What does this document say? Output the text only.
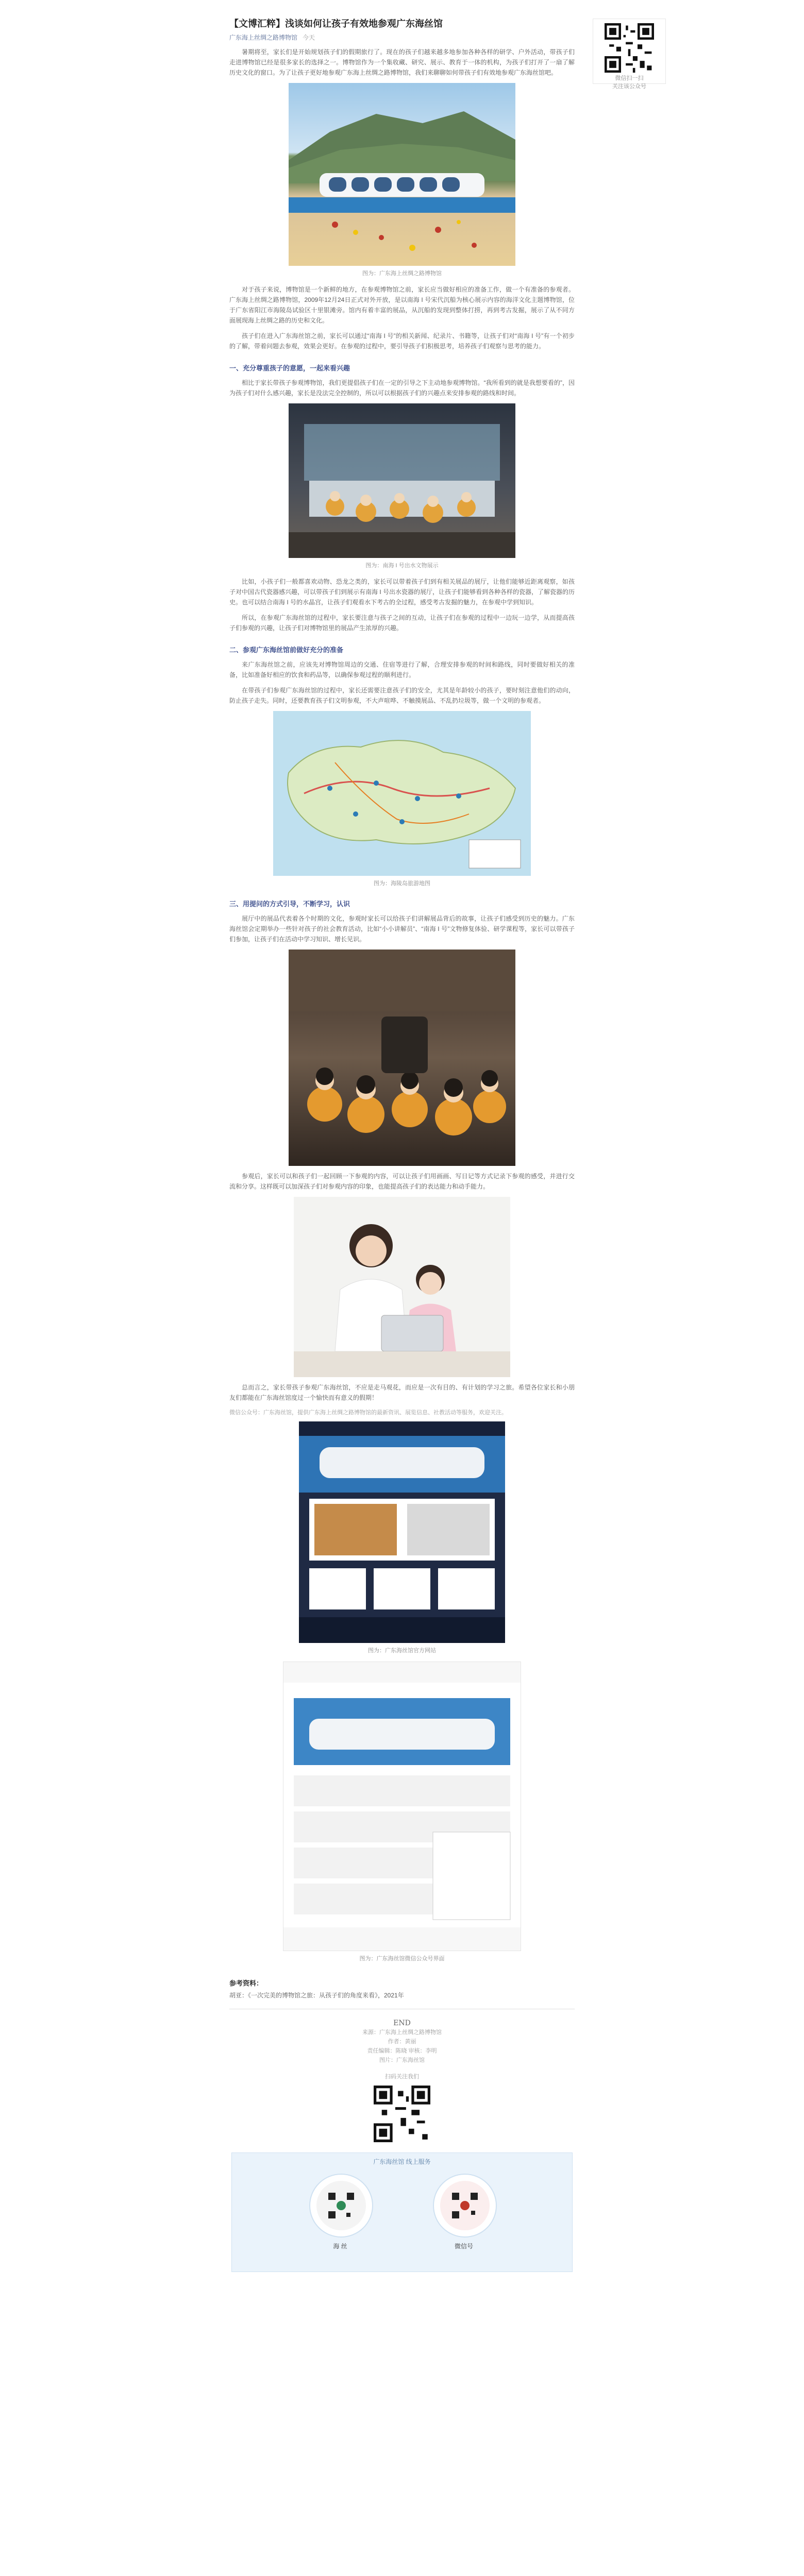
微信扫一扫
关注该公众号
【文博汇粹】浅谈如何让孩子有效地参观广东海丝馆
广东海上丝绸之路博物馆 今天

暑期将至，家长们是开始规划孩子们的假期旅行了。现在的孩子们越来越多地参加各种各样的研学、户外活动，带孩子们走进博物馆已经是很多家长的选择之一。博物馆作为一个集收藏、研究、展示、教育于一体的机构，为孩子们打开了一扇了解历史文化的窗口。为了让孩子更好地参观广东海上丝绸之路博物馆，我们来聊聊如何带孩子们有效地参观广东海丝馆吧。

图为：广东海上丝绸之路博物馆

对于孩子来说，博物馆是一个新鲜的地方，在参观博物馆之前，家长应当做好相应的准备工作，做一个有准备的参观者。广东海上丝绸之路博物馆，2009年12月24日正式对外开放，是以南海 I 号宋代沉船为核心展示内容的海洋文化主题博物馆，位于广东省阳江市海陵岛试验区十里银滩旁。馆内有着丰富的展品，从沉船的发现到整体打捞，再到考古发掘，展示了从不同方面展现海上丝绸之路的历史和文化。

孩子们在进入广东海丝馆之前，家长可以通过“南海 I 号”的相关新闻、纪录片、书籍等，让孩子们对“南海 I 号”有一个初步的了解，带着问题去参观，效果会更好。在参观的过程中，要引导孩子们积极思考，培养孩子们观察与思考的能力。

一、充分尊重孩子的意愿，一起来看兴趣

相比于家长带孩子参观博物馆，我们更提倡孩子们在一定的引导之下主动地参观博物馆。“我所看到的就是我想要看的”，因为孩子们对什么感兴趣，家长是没法完全控制的，所以可以根据孩子们的兴趣点来安排参观的路线和时间。

图为：南海 I 号出水文物展示

比如，小孩子们一般都喜欢动物、恐龙之类的，家长可以带着孩子们到有相关展品的展厅，让他们能够近距离观察，如孩子对中国古代瓷器感兴趣，可以带孩子们到展示有南海 I 号出水瓷器的展厅，让孩子们能够看到各种各样的瓷器，了解瓷器的历史。也可以结合南海 I 号的水晶宫，让孩子们观看水下考古的全过程，感受考古发掘的魅力，在参观中学到知识。

所以，在参观广东海丝馆的过程中，家长要注意与孩子之间的互动，让孩子们在参观的过程中一边玩一边学，从而提高孩子们参观的兴趣，让孩子们对博物馆里的展品产生浓厚的兴趣。

二、参观广东海丝馆前做好充分的准备

来广东海丝馆之前，应该先对博物馆周边的交通、住宿等进行了解，合理安排参观的时间和路线，同时要做好相关的准备，比如准备好相应的饮食和药品等，以确保参观过程的顺利进行。

在带孩子们参观广东海丝馆的过程中，家长还需要注意孩子们的安全，尤其是年龄较小的孩子，要时刻注意他们的动向，防止孩子走失。同时，还要教育孩子们文明参观，不大声喧哗、不触摸展品、不乱扔垃圾等，做一个文明的参观者。

图为：海陵岛旅游地图
三、用提问的方式引导，不断学习，认识

展厅中的展品代表着各个时期的文化，参观时家长可以给孩子们讲解展品背后的故事，让孩子们感受到历史的魅力。广东海丝馆会定期举办一些针对孩子的社会教育活动，比如“小小讲解员”、“南海 I 号”文物修复体验、研学课程等，家长可以带孩子们参加，让孩子们在活动中学习知识、增长见识。

参观后，家长可以和孩子们一起回顾一下参观的内容，可以让孩子们用画画、写日记等方式记录下参观的感受，并进行交流和分享。这样既可以加深孩子们对参观内容的印象，也能提高孩子们的表达能力和动手能力。

总而言之，家长带孩子参观广东海丝馆，不应是走马观花，而应是一次有目的、有计划的学习之旅。希望各位家长和小朋友们都能在广东海丝馆度过一个愉快而有意义的假期！

微信公众号：广东海丝馆，提供广东海上丝绸之路博物馆的最新资讯、展览信息、社教活动等服务，欢迎关注。
图为：广东海丝馆官方网站
图为：广东海丝馆微信公众号界面
参考资料：
胡亚：《一次完美的博物馆之旅：从孩子们的角度来看》，2021年
END
来源：广东海上丝绸之路博物馆
作者：黄丽
责任编辑：陈晓 审核：李明
图片：广东海丝馆
扫码关注我们
广东海丝馆 线上服务
海 丝	微信号
